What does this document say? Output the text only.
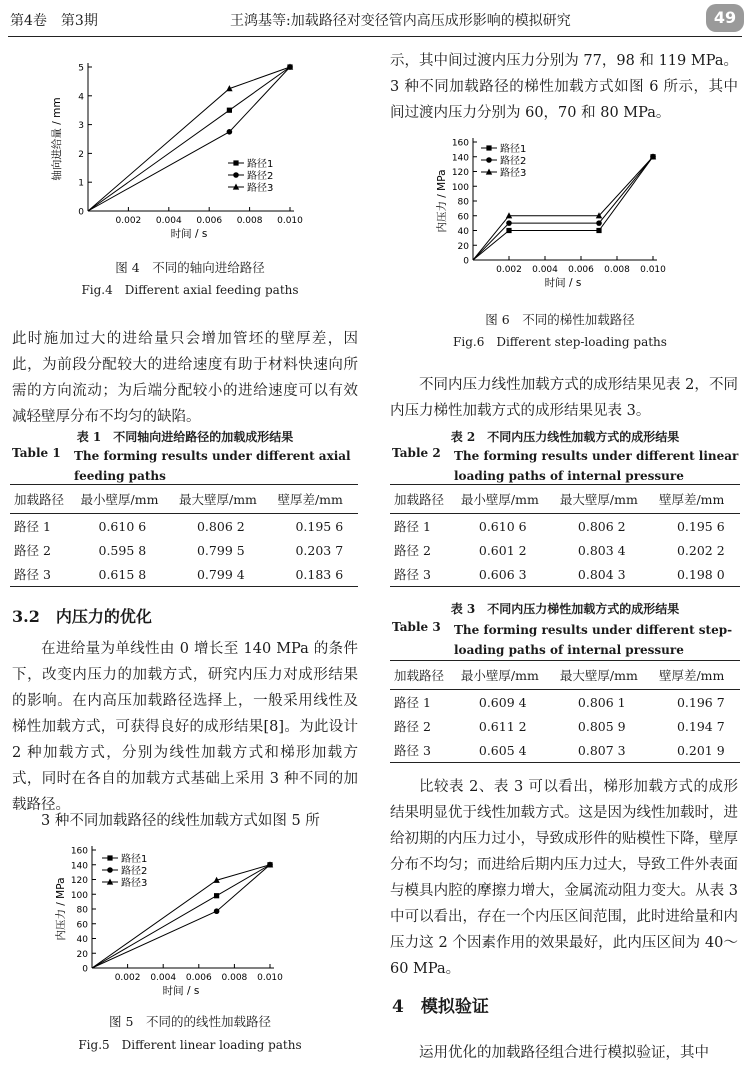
第4卷　第3期	王鸿基等:加载路径对变径管内高压成形影响的模拟研究	49
0
1
2
3
4
5
0.002 0.004 0.006 0.008 0.010
时间 / s
轴向进给量 / mm	路径1
路径2
路径3
图 4　不同的轴向进给路径
Fig.4　Different axial feeding paths
此时施加过大的进给量只会增加管坯的壁厚差，因此，为前段分配较大的进给速度有助于材料快速向所需的方向流动；为后端分配较小的进给速度可以有效减轻壁厚分布不均匀的缺陷。
表 1　不同轴向进给路径的加载成形结果
Table 1 The forming results under different axial feeding paths
加载路径	最小壁厚/mm	最大壁厚/mm	壁厚差/mm
路径 1	0.610 6	0.806 2	0.195 6
路径 2	0.595 8	0.799 5	0.203 7
路径 3	0.615 8	0.799 4	0.183 6
3.2　内压力的优化
在进给量为单线性由 0 增长至 140 MPa 的条件下，改变内压力的加载方式，研究内压力对成形结果的影响。在内高压加载路径选择上，一般采用线性及梯性加载方式，可获得良好的成形结果[8]。为此设计 2 种加载方式，分别为线性加载方式和梯形加载方式，同时在各自的加载方式基础上采用 3 种不同的加载路径。
3 种不同加载路径的线性加载方式如图 5 所
0
20
40
60
80
100
120
140
160
0.002 0.004 0.006 0.008 0.010
时间 / s
内压力 / MPa
路径1
路径2
路径3
图 5　不同的的线性加载路径
Fig.5　Different linear loading paths
示，其中间过渡内压力分别为 77，98 和 119 MPa。3 种不同加载路径的梯性加载方式如图 6 所示，其中间过渡内压力分别为 60，70 和 80 MPa。
0
20
40
60
80
100
120
140
160
0.002 0.004 0.006 0.008 0.010
时间 / s
内压力 / MPa
路径1
路径2
路径3
图 6　不同的梯性加载路径
Fig.6　Different step-loading paths
不同内压力线性加载方式的成形结果见表 2，不同内压力梯性加载方式的成形结果见表 3。
表 2　不同内压力线性加载方式的成形结果
Table 2 The forming results under different linear loading paths of internal pressure
加载路径	最小壁厚/mm	最大壁厚/mm	壁厚差/mm
路径 1	0.610 6	0.806 2	0.195 6
路径 2	0.601 2	0.803 4	0.202 2
路径 3	0.606 3	0.804 3	0.198 0
表 3　不同内压力梯性加载方式的成形结果
Table 3 The forming results under different step-loading paths of internal pressure
加载路径	最小壁厚/mm	最大壁厚/mm	壁厚差/mm
路径 1	0.609 4	0.806 1	0.196 7
路径 2	0.611 2	0.805 9	0.194 7
路径 3	0.605 4	0.807 3	0.201 9
比较表 2、表 3 可以看出，梯形加载方式的成形结果明显优于线性加载方式。这是因为线性加载时，进给初期的内压力过小，导致成形件的贴模性下降，壁厚分布不均匀；而进给后期内压力过大，导致工件外表面与模具内腔的摩擦力增大，金属流动阻力变大。从表 3 中可以看出，存在一个内压区间范围，此时进给量和内压力这 2 个因素作用的效果最好，此内压区间为 40～60 MPa。
4　模拟验证
运用优化的加载路径组合进行模拟验证，其中
